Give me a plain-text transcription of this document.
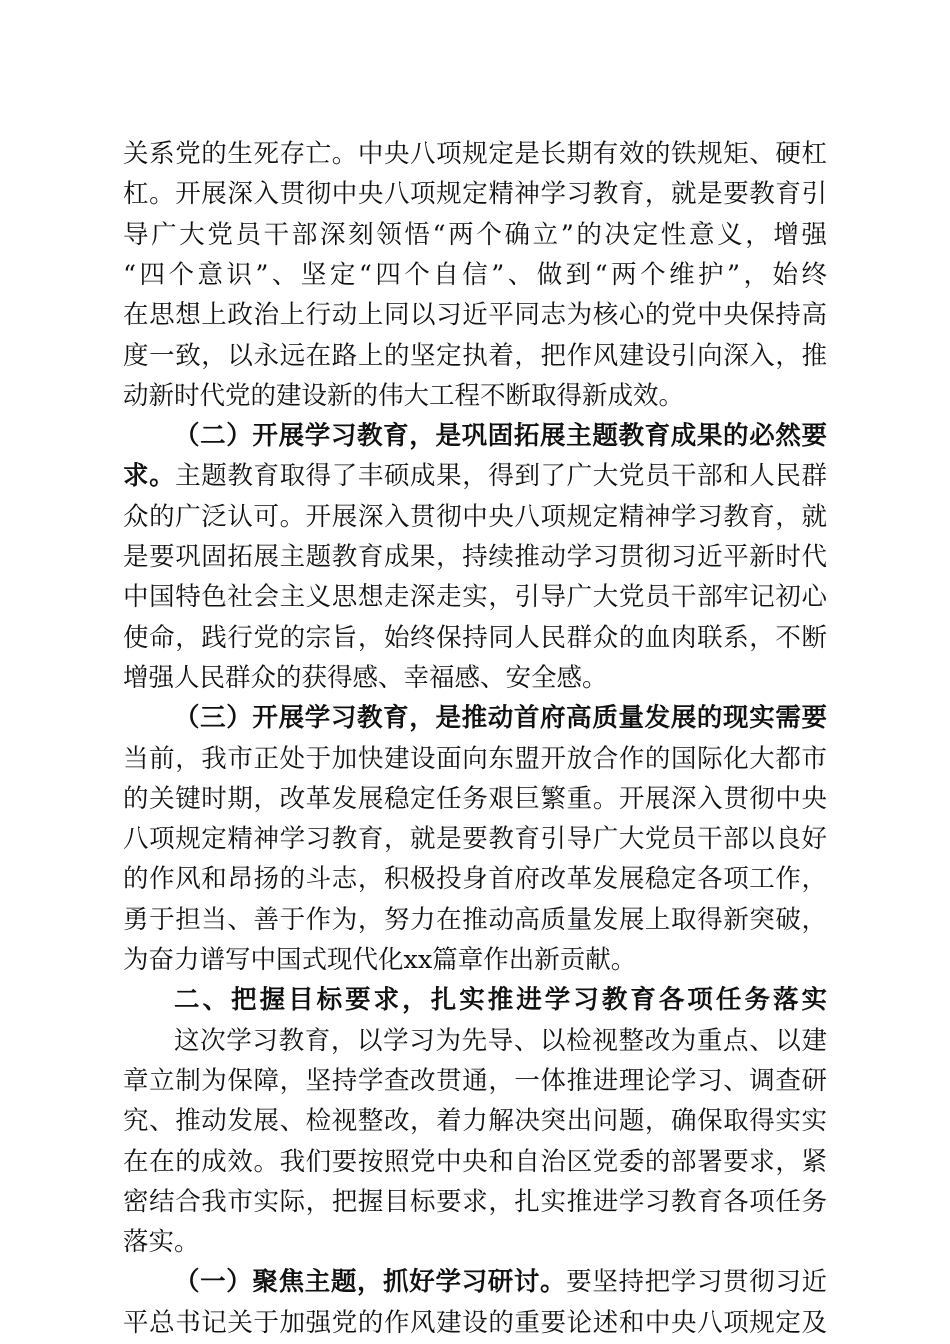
关系党的生死存亡。中央八项规定是长期有效的铁规矩、硬杠
杠。开展深入贯彻中央八项规定精神学习教育，就是要教育引
导广大党员干部深刻领悟“两个确立”的决定性意义，增强
“四个意识”、坚定“四个自信”、做到“两个维护”，始终
在思想上政治上行动上同以习近平同志为核心的党中央保持高
度一致，以永远在路上的坚定执着，把作风建设引向深入，推
动新时代党的建设新的伟大工程不断取得新成效。
（二）开展学习教育，是巩固拓展主题教育成果的必然要
求。主题教育取得了丰硕成果，得到了广大党员干部和人民群
众的广泛认可。开展深入贯彻中央八项规定精神学习教育，就
是要巩固拓展主题教育成果，持续推动学习贯彻习近平新时代
中国特色社会主义思想走深走实，引导广大党员干部牢记初心
使命，践行党的宗旨，始终保持同人民群众的血肉联系，不断
增强人民群众的获得感、幸福感、安全感。
（三）开展学习教育，是推动首府高质量发展的现实需要
当前，我市正处于加快建设面向东盟开放合作的国际化大都市
的关键时期，改革发展稳定任务艰巨繁重。开展深入贯彻中央
八项规定精神学习教育，就是要教育引导广大党员干部以良好
的作风和昂扬的斗志，积极投身首府改革发展稳定各项工作，
勇于担当、善于作为，努力在推动高质量发展上取得新突破，
为奋力谱写中国式现代化xx篇章作出新贡献。
二、把握目标要求，扎实推进学习教育各项任务落实
这次学习教育，以学习为先导、以检视整改为重点、以建
章立制为保障，坚持学查改贯通，一体推进理论学习、调查研
究、推动发展、检视整改，着力解决突出问题，确保取得实实
在在的成效。我们要按照党中央和自治区党委的部署要求，紧
密结合我市实际，把握目标要求，扎实推进学习教育各项任务
落实。
（一）聚焦主题，抓好学习研讨。要坚持把学习贯彻习近
平总书记关于加强党的作风建设的重要论述和中央八项规定及
